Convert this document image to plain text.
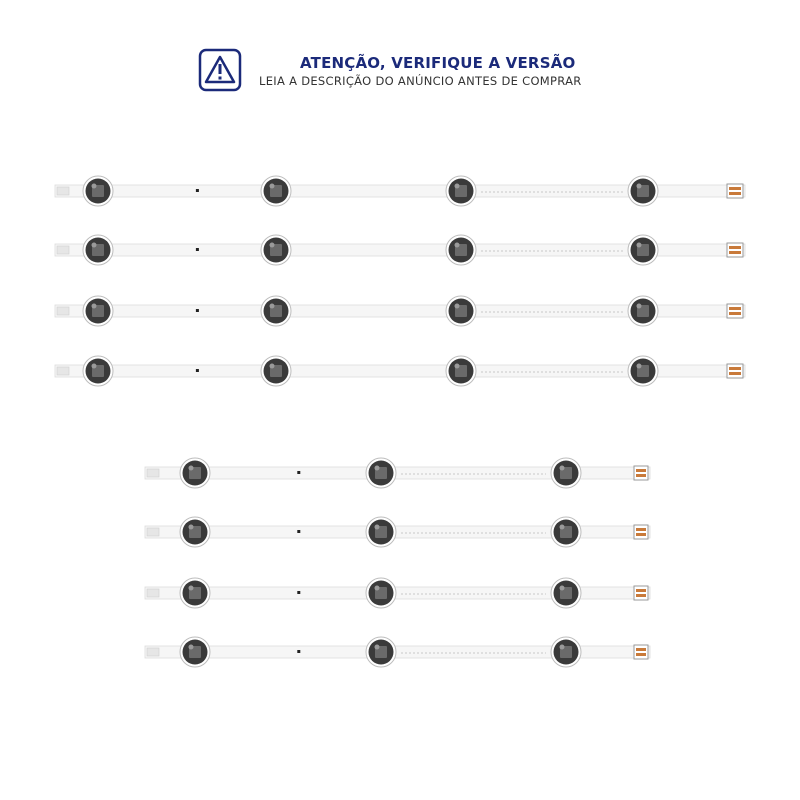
ATENÇÃO, VERIFIQUE A VERSÃO
LEIA A DESCRIÇÃO DO ANÚNCIO ANTES DE COMPRAR
